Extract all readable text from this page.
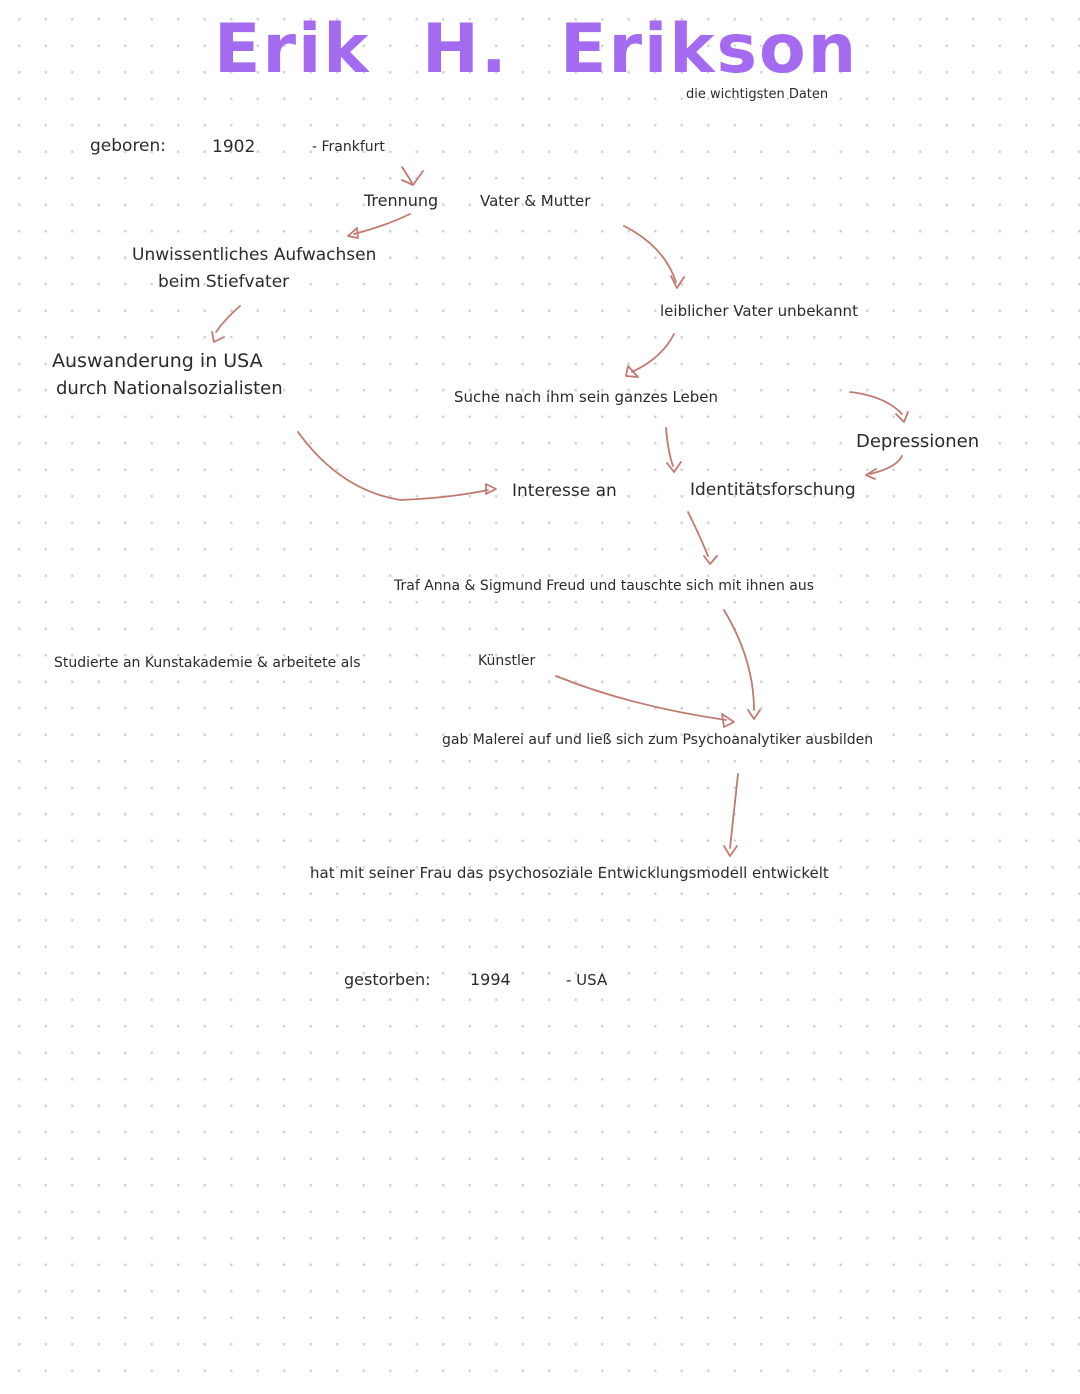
Erik H. Erikson
die wichtigsten Daten
geboren:	1902	- Frankfurt
Trennung	Vater & Mutter
Unwissentliches Aufwachsen
beim Stiefvater
leiblicher Vater unbekannt
Auswanderung in USA
durch Nationalsozialisten	Suche nach ihm sein ganzes Leben
Depressionen
Interesse an	Identitätsforschung
Traf Anna & Sigmund Freud und tauschte sich mit ihnen aus
Studierte an Kunstakademie & arbeitete als	Künstler
gab Malerei auf und ließ sich zum Psychoanalytiker ausbilden
hat mit seiner Frau das psychosoziale Entwicklungsmodell entwickelt
gestorben: 1994	- USA
